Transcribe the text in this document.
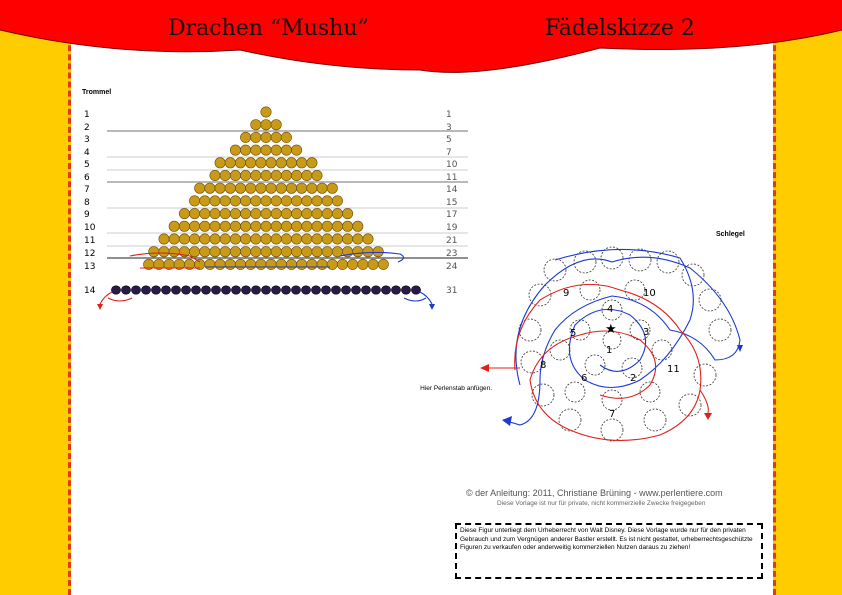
Drachen “Mushu”	Fädelskizze 2
Trommel
Schlegel
1
2
3
4
5
6
7
8
9
10
11
12
13
14
1
3
5
7
10
11
14
15
17
19
21
23
24
31
★
1
2
3
4
5
6
7
8
9	10
11
Hier Perlenstab anfügen.
© der Anleitung: 2011, Christiane Brüning - www.perlentiere.com
Diese Vorlage ist nur für private, nicht kommerzielle Zwecke freigegeben
Diese Figur unterliegt dem Urheberrecht von Walt Disney. Diese Vorlage wurde nur für den privaten Gebrauch und zum Vergnügen anderer Bastler erstellt. Es ist nicht gestattet, urheberrechtsgeschützte Figuren zu verkaufen oder anderweitig kommerziellen Nutzen daraus zu ziehen!
